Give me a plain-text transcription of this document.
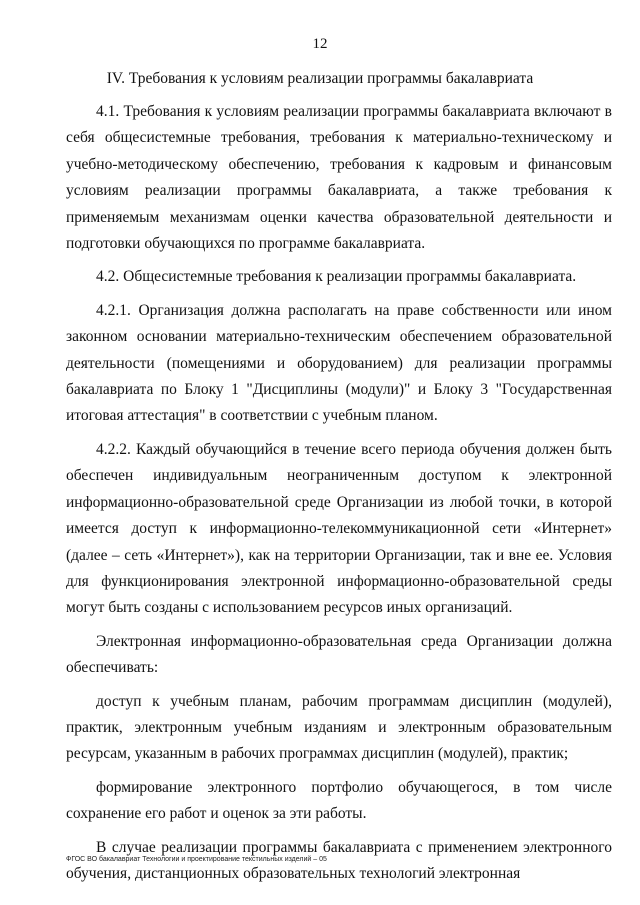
12
IV. Требования к условиям реализации программы бакалавриата

4.1. Требования к условиям реализации программы бакалавриата включают в себя общесистемные требования, требования к материально-техническому и учебно-методическому обеспечению, требования к кадровым и финансовым условиям реализации программы бакалавриата, а также требования к применяемым механизмам оценки качества образовательной деятельности и подготовки обучающихся по программе бакалавриата.

4.2. Общесистемные требования к реализации программы бакалавриата.

4.2.1. Организация должна располагать на праве собственности или ином законном основании материально-техническим обеспечением образовательной деятельности (помещениями и оборудованием) для реализации программы бакалавриата по Блоку 1 "Дисциплины (модули)" и Блоку 3 "Государственная итоговая аттестация" в соответствии с учебным планом.

4.2.2. Каждый обучающийся в течение всего периода обучения должен быть обеспечен индивидуальным неограниченным доступом к электронной информационно-образовательной среде Организации из любой точки, в которой имеется доступ к информационно-телекоммуникационной сети «Интернет» (далее – сеть «Интернет»), как на территории Организации, так и вне ее. Условия для функционирования электронной информационно-образовательной среды могут быть созданы с использованием ресурсов иных организаций.

Электронная информационно-образовательная среда Организации должна обеспечивать:

доступ к учебным планам, рабочим программам дисциплин (модулей), практик, электронным учебным изданиям и электронным образовательным ресурсам, указанным в рабочих программах дисциплин (модулей), практик;

формирование электронного портфолио обучающегося, в том числе сохранение его работ и оценок за эти работы.

В случае реализации программы бакалавриата с применением электронного обучения, дистанционных образовательных технологий электронная

ФГОС ВО бакалавриат Технологии и проектирование текстильных изделий – 05
